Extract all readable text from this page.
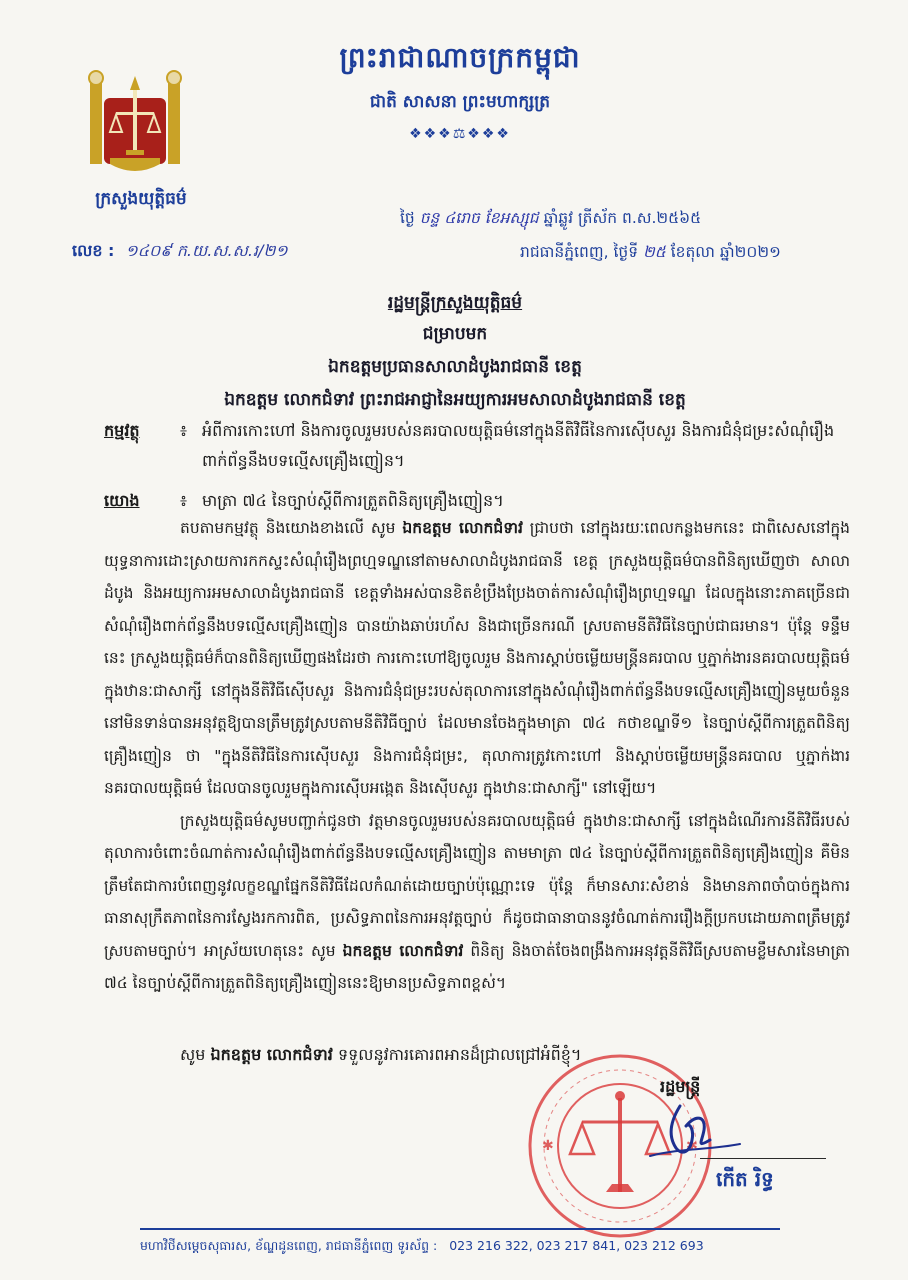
ព្រះរាជាណាចក្រកម្ពុជា
ជាតិ សាសនា ព្រះមហាក្សត្រ
❖❖❖⚖❖❖❖
ក្រសួងយុត្តិធម៌
លេខ : ១៤០៩ ក.យ.ស.ស.រ/២១
ថ្ងៃ ចន្ទ ៤រោច ខែអស្សុជ ឆ្នាំឆ្លូវ ត្រីស័ក ព.ស.២៥៦៥
រាជធានីភ្នំពេញ, ថ្ងៃទី ២៥ ខែតុលា ឆ្នាំ២០២១
រដ្ឋមន្ត្រីក្រសួងយុត្តិធម៌
ជម្រាបមក
ឯកឧត្តមប្រធានសាលាដំបូងរាជធានី ខេត្ត
ឯកឧត្តម លោកជំទាវ ព្រះរាជអាជ្ញានៃអយ្យការអមសាលាដំបូងរាជធានី ខេត្ត
កម្មវត្ថុ	៖ អំពីការកោះហៅ និងការចូលរួមរបស់នគរបាលយុត្តិធម៌នៅក្នុងនីតិវិធីនៃការស៊ើបសួរ និងការជំនុំជម្រះសំណុំរឿងពាក់ព័ន្ធនឹងបទល្មើសគ្រឿងញៀន។
យោង	៖ មាត្រា ៧៤ នៃច្បាប់ស្តីពីការត្រួតពិនិត្យគ្រឿងញៀន។

តបតាមកម្មវត្ថុ និងយោងខាងលើ សូម ឯកឧត្តម លោកជំទាវ ជ្រាបថា នៅក្នុងរយៈពេលកន្លងមកនេះ ជាពិសេសនៅក្នុងយុទ្ធនាការដោះស្រាយការកកស្ទះសំណុំរឿងព្រហ្មទណ្ឌនៅតាមសាលាដំបូងរាជធានី ខេត្ត ក្រសួងយុត្តិធម៌បានពិនិត្យឃើញថា សាលាដំបូង និងអយ្យការអមសាលាដំបូងរាជធានី ខេត្តទាំងអស់បានខិតខំប្រឹងប្រែងចាត់ការសំណុំរឿងព្រហ្មទណ្ឌ ដែលក្នុងនោះភាគច្រើនជាសំណុំរឿងពាក់ព័ន្ធនឹងបទល្មើសគ្រឿងញៀន បានយ៉ាងឆាប់រហ័ស និងជាច្រើនករណី ស្របតាមនីតិវិធីនៃច្បាប់ជាធរមាន។ ប៉ុន្តែ ទន្ទឹមនេះ ក្រសួងយុត្តិធម៌ក៏បានពិនិត្យឃើញផងដែរថា ការកោះហៅឱ្យចូលរួម និងការស្តាប់ចម្លើយមន្ត្រីនគរបាល ឬភ្នាក់ងារនគរបាលយុត្តិធម៌ ក្នុងឋានៈជាសាក្សី នៅក្នុងនីតិវិធីស៊ើបសួរ និងការជំនុំជម្រះរបស់តុលាការនៅក្នុងសំណុំរឿងពាក់ព័ន្ធនឹងបទល្មើសគ្រឿងញៀនមួយចំនួន នៅមិនទាន់បានអនុវត្តឱ្យបានត្រឹមត្រូវស្របតាមនីតិវិធីច្បាប់ ដែលមានចែងក្នុងមាត្រា ៧៤ កថាខណ្ឌទី១ នៃច្បាប់ស្តីពីការត្រួតពិនិត្យគ្រឿងញៀន ថា "ក្នុងនីតិវិធីនៃការស៊ើបសួរ និងការជំនុំជម្រះ, តុលាការត្រូវកោះហៅ និងស្តាប់ចម្លើយមន្ត្រីនគរបាល ឬភ្នាក់ងារនគរបាលយុត្តិធម៌ ដែលបានចូលរួមក្នុងការស៊ើបអង្កេត និងស៊ើបសួរ ក្នុងឋានៈជាសាក្សី" នៅឡើយ។

ក្រសួងយុត្តិធម៌សូមបញ្ជាក់ជូនថា វត្តមានចូលរួមរបស់នគរបាលយុត្តិធម៌ ក្នុងឋានៈជាសាក្សី នៅក្នុងដំណើរការនីតិវិធីរបស់តុលាការចំពោះចំណាត់ការសំណុំរឿងពាក់ព័ន្ធនឹងបទល្មើសគ្រឿងញៀន តាមមាត្រា ៧៤ នៃច្បាប់ស្តីពីការត្រួតពិនិត្យគ្រឿងញៀន គឺមិនត្រឹមតែជាការបំពេញនូវលក្ខខណ្ឌផ្នែកនីតិវិធីដែលកំណត់ដោយច្បាប់ប៉ុណ្ណោះទេ ប៉ុន្តែ ក៏មានសារៈសំខាន់ និងមានភាពចាំបាច់ក្នុងការធានាសុក្រឹតភាពនៃការស្វែងរកការពិត, ប្រសិទ្ធភាពនៃការអនុវត្តច្បាប់ ក៏ដូចជាធានាបាននូវចំណាត់ការរឿងក្តីប្រកបដោយភាពត្រឹមត្រូវស្របតាមច្បាប់។ អាស្រ័យហេតុនេះ សូម ឯកឧត្តម លោកជំទាវ ពិនិត្យ និងចាត់ចែងពង្រឹងការអនុវត្តនីតិវិធីស្របតាមខ្លឹមសារនៃមាត្រា ៧៤ នៃច្បាប់ស្តីពីការត្រួតពិនិត្យគ្រឿងញៀននេះឱ្យមានប្រសិទ្ធភាពខ្ពស់។

សូម ឯកឧត្តម លោកជំទាវ ទទួលនូវការគោរពអានដ៏ជ្រាលជ្រៅអំពីខ្ញុំ។
✱	✱
រដ្ឋមន្ត្រី
កើត រិទ្ធ
មហាវិថីសម្តេចសុធារស, ខ័ណ្ឌដូនពេញ, រាជធានីភ្នំពេញ ទូរស័ព្ទ : 023 216 322, 023 217 841, 023 212 693
